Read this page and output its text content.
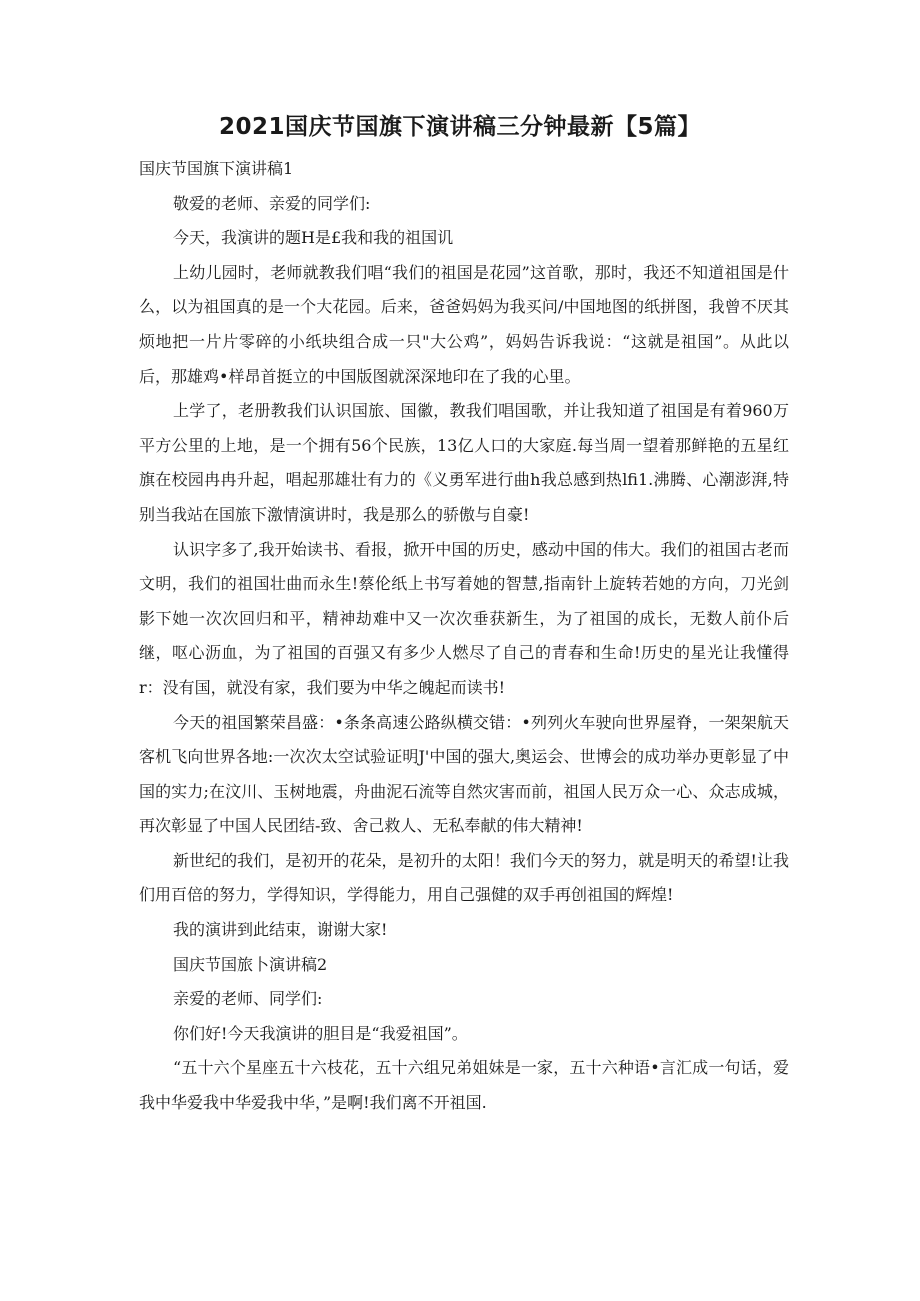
2021国庆节国旗下演讲稿三分钟最新【5篇】

国庆节国旗下演讲稿1

敬爱的老师、亲爱的同学们:

今天，我演讲的题H是£我和我的祖国讥

上幼儿园时，老师就教我们唱“我们的祖国是花园”这首歌，那时，我还不知道祖国是什么，以为祖国真的是一个大花园。后来，爸爸妈妈为我买问/中国地图的纸拼图，我曾不厌其烦地把一片片零碎的小纸块组合成一只"大公鸡”，妈妈告诉我说：“这就是祖国”。从此以后，那雄鸡•样昂首挺立的中国版图就深深地印在了我的心里。

上学了，老册教我们认识国旅、国徽，教我们唱国歌，并让我知道了祖国是有着960万平方公里的上地，是一个拥有56个民族，13亿人口的大家庭.每当周一望着那鲜艳的五星红旗在校园冉冉升起，唱起那雄壮有力的《义勇军进行曲h我总感到热lfi1.沸腾、心潮澎湃,特别当我站在国旅下激情演讲时，我是那么的骄傲与自豪!

认识字多了,我开始读书、看报，掀开中国的历史，感动中国的伟大。我们的祖国古老而文明，我们的祖国壮曲而永生!蔡伦纸上书写着她的智慧,指南针上旋转若她的方向，刀光剑影下她一次次回归和平，精神劫难中又一次次垂获新生，为了祖国的成长，无数人前仆后继，呕心沥血，为了祖国的百强又有多少人燃尽了自己的青春和生命!历史的星光让我懂得r：没有国，就没有家，我们要为中华之魄起而读书!

今天的祖国繁荣昌盛：•条条高速公路纵横交错：•列列火车驶向世界屋脊，一架架航天客机飞向世界各地:一次次太空试验证明J'中国的强大,奥运会、世博会的成功举办更彰显了中国的实力;在汶川、玉树地震，舟曲泥石流等自然灾害而前，祖国人民万众一心、众志成城，再次彰显了中国人民团结-致、舍己救人、无私奉献的伟大精神!

新世纪的我们，是初开的花朵，是初升的太阳！我们今天的努力，就是明天的希望!让我们用百倍的努力，学得知识，学得能力，用自己强健的双手再创祖国的辉煌!

我的演讲到此结束，谢谢大家!

国庆节国旅卜演讲稿2

亲爱的老师、同学们:

你们好!今天我演讲的胆目是“我爱祖国”。

“五十六个星座五十六枝花，五十六组兄弟姐妹是一家，五十六种语•言汇成一句话，爱我中华爱我中华爱我中华，”是啊!我们离不开祖国.
